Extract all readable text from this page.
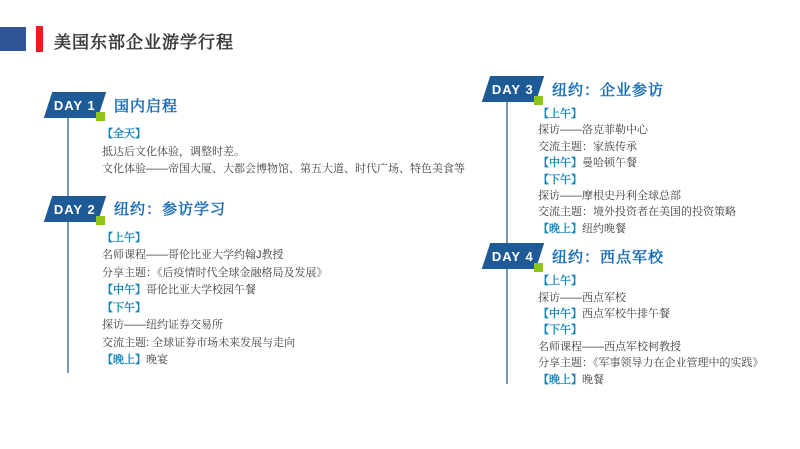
美国东部企业游学行程
DAY 1 国内启程
【全天】
抵达后文化体验，调整时差。
文化体验——帝国大厦、大都会博物馆、第五大道、时代广场、特色美食等
DAY 2 纽约：参访学习
【上午】
名师课程——哥伦比亚大学约翰J教授
分享主题：《后疫情时代全球金融格局及发展》
【中午】哥伦比亚大学校园午餐
【下午】
探访——纽约证券交易所
交流主题: 全球证券市场未来发展与走向
【晚上】晚宴
DAY 3 纽约：企业参访
【上午】
探访——洛克菲勒中心
交流主题：家族传承
【中午】曼哈顿午餐
【下午】
探访——摩根史丹利全球总部
交流主题：境外投资者在美国的投资策略
【晚上】纽约晚餐
DAY 4 纽约：西点军校
【上午】
探访——西点军校
【中午】西点军校牛排午餐
【下午】
名师课程——西点军校柯教授
分享主题：《军事领导力在企业管理中的实践》
【晚上】晚餐
